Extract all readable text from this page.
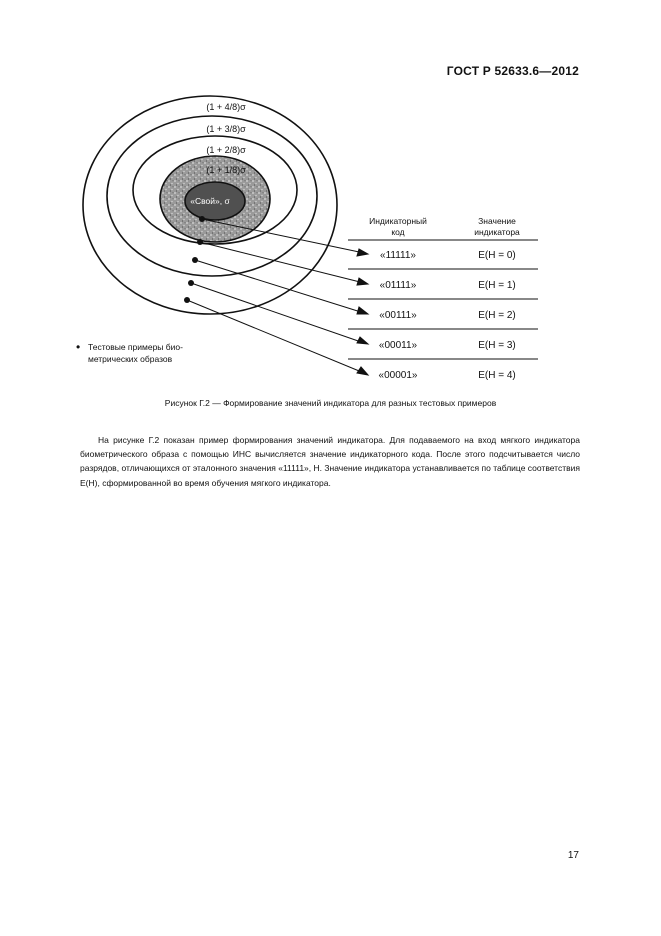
ГОСТ Р 52633.6—2012
(1 + 4/8)σ
(1 + 3/8)σ
(1 + 2/8)σ
(1 + 1/8)σ
«Свой», σ
Индикаторный
код
Значение
индикатора
«11111»	E(H = 0)
«01111»	E(H = 1)
«00111»	E(H = 2)
«00011»	E(H = 3)
«00001»	E(H = 4)
• Тестовые примеры био-
метрических образов
Рисунок Г.2 — Формирование значений индикатора для разных тестовых примеров

На рисунке Г.2 показан пример формирования значений индикатора. Для подаваемого на вход мягкого индикатора биометрического образа с помощью ИНС вычисляется значение индикаторного кода. После этого подсчитывается число разрядов, отличающихся от эталонного значения «11111», H. Значение индикатора устанавливается по таблице соответствия E(H), сформированной во время обучения мягкого индикатора.

17
